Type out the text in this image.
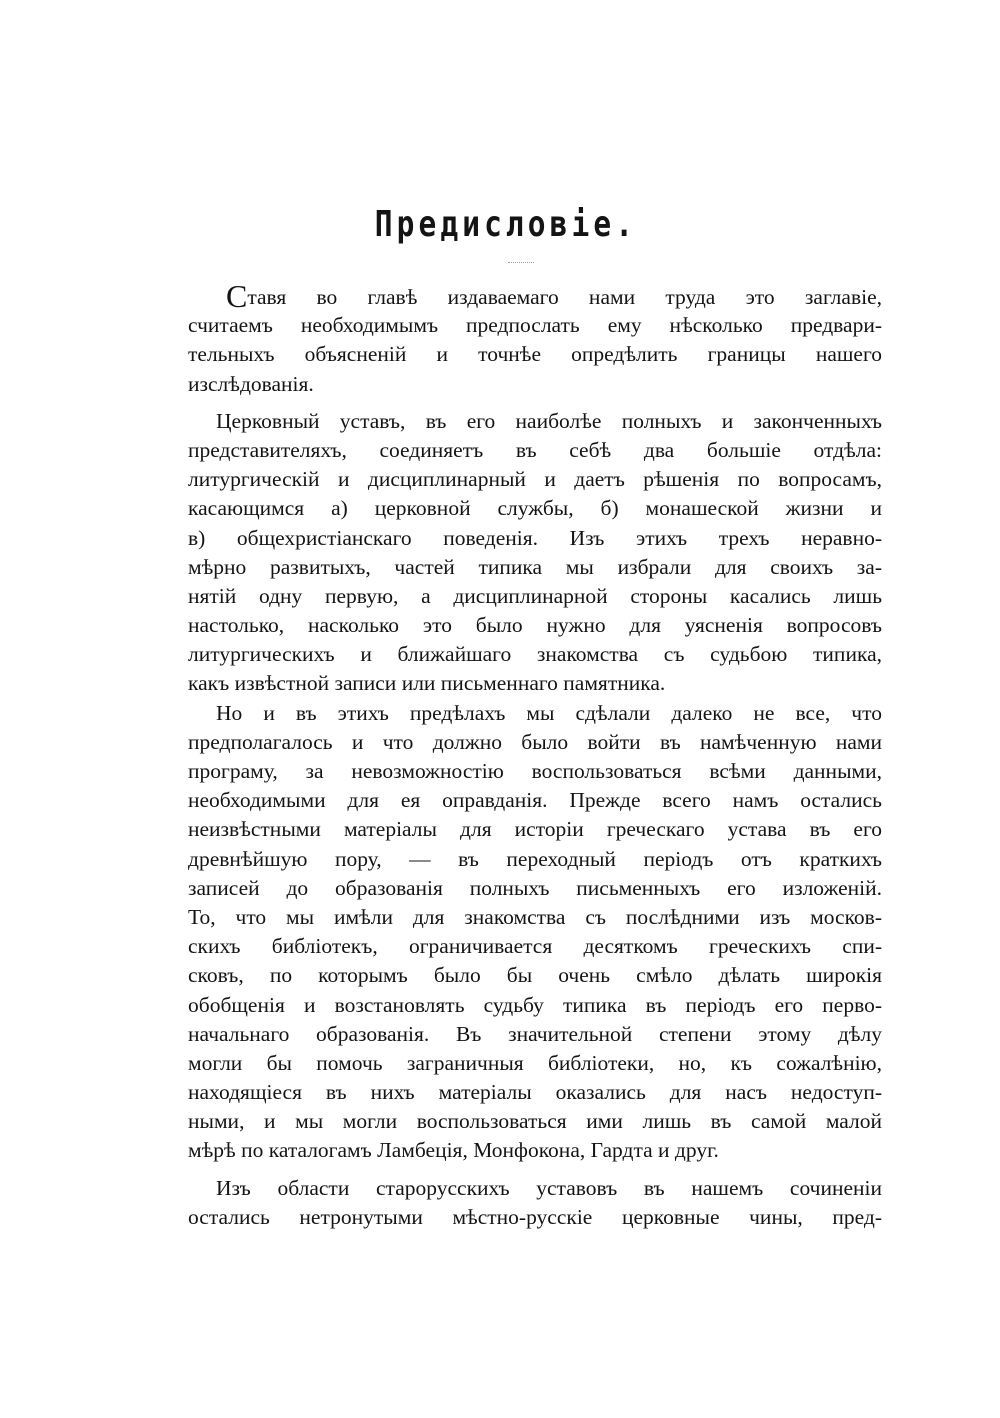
Предисловіе.
Ставя во главѣ издаваемаго нами труда это заглавіе,
считаемъ необходимымъ предпослать ему нѣсколько предвари-
тельныхъ объясненій и точнѣе опредѣлить границы нашего
изслѣдованія.
Церковный уставъ, въ его наиболѣе полныхъ и законченныхъ
представителяхъ, соединяетъ въ себѣ два большіе отдѣла:
литургическій и дисциплинарный и даетъ рѣшенія по вопросамъ,
касающимся а) церковной службы, б) монашеской жизни и
в) общехристіанскаго поведенія. Изъ этихъ трехъ неравно-
мѣрно развитыхъ, частей типика мы избрали для своихъ за-
нятій одну первую, а дисциплинарной стороны касались лишь
настолько, насколько это было нужно для уясненія вопросовъ
литургическихъ и ближайшаго знакомства съ судьбою типика,
какъ извѣстной записи или письменнаго памятника.
Но и въ этихъ предѣлахъ мы сдѣлали далеко не все, что
предполагалось и что должно было войти въ намѣченную нами
програму, за невозможностію воспользоваться всѣми данными,
необходимыми для ея оправданія. Прежде всего намъ остались
неизвѣстными матеріалы для исторіи греческаго устава въ его
древнѣйшую пору, — въ переходный періодъ отъ краткихъ
записей до образованія полныхъ письменныхъ его изложеній.
То, что мы имѣли для знакомства съ послѣдними изъ москов-
скихъ библіотекъ, ограничивается десяткомъ греческихъ спи-
сковъ, по которымъ было бы очень смѣло дѣлать широкія
обобщенія и возстановлять судьбу типика въ періодъ его перво-
начальнаго образованія. Въ значительной степени этому дѣлу
могли бы помочь заграничныя библіотеки, но, къ сожалѣнію,
находящіеся въ нихъ матеріалы оказались для насъ недоступ-
ными, и мы могли воспользоваться ими лишь въ самой малой
мѣрѣ по каталогамъ Ламбеція, Монфокона, Гардта и друг.
Изъ области старорусскихъ уставовъ въ нашемъ сочиненіи
остались нетронутыми мѣстно-русскіе церковные чины, пред-
